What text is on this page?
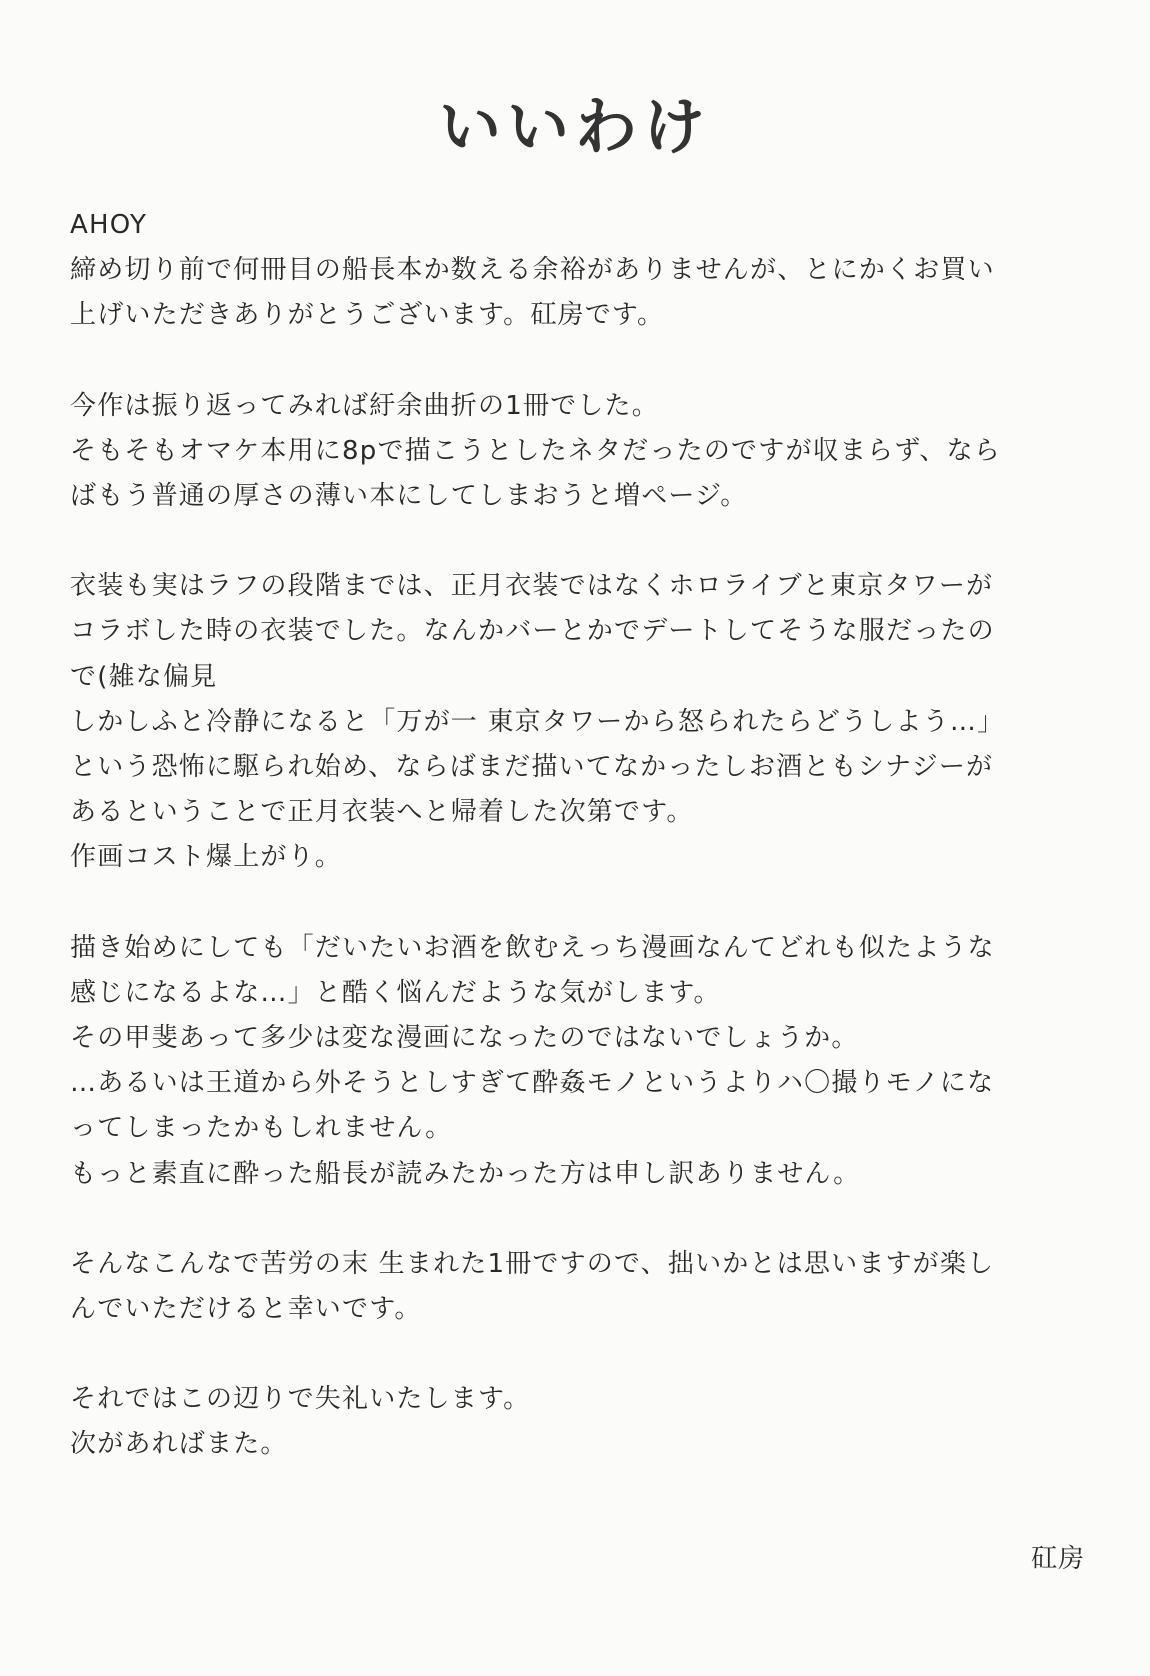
いいわけ
AHOY
締め切り前で何冊目の船長本か数える余裕がありませんが、とにかくお買い
上げいただきありがとうございます。矼房です。
今作は振り返ってみれば紆余曲折の1冊でした。
そもそもオマケ本用に8pで描こうとしたネタだったのですが収まらず、なら
ばもう普通の厚さの薄い本にしてしまおうと増ページ。
衣装も実はラフの段階までは、正月衣装ではなくホロライブと東京タワーが
コラボした時の衣装でした。なんかバーとかでデートしてそうな服だったの
で(雑な偏見
しかしふと冷静になると「万が一 東京タワーから怒られたらどうしよう…」
という恐怖に駆られ始め、ならばまだ描いてなかったしお酒ともシナジーが
あるということで正月衣装へと帰着した次第です。
作画コスト爆上がり。
描き始めにしても「だいたいお酒を飲むえっち漫画なんてどれも似たような
感じになるよな…」と酷く悩んだような気がします。
その甲斐あって多少は変な漫画になったのではないでしょうか。
…あるいは王道から外そうとしすぎて酔姦モノというよりハ〇撮りモノにな
ってしまったかもしれません。
もっと素直に酔った船長が読みたかった方は申し訳ありません。
そんなこんなで苦労の末 生まれた1冊ですので、拙いかとは思いますが楽し
んでいただけると幸いです。
それではこの辺りで失礼いたします。
次があればまた。
矼房
